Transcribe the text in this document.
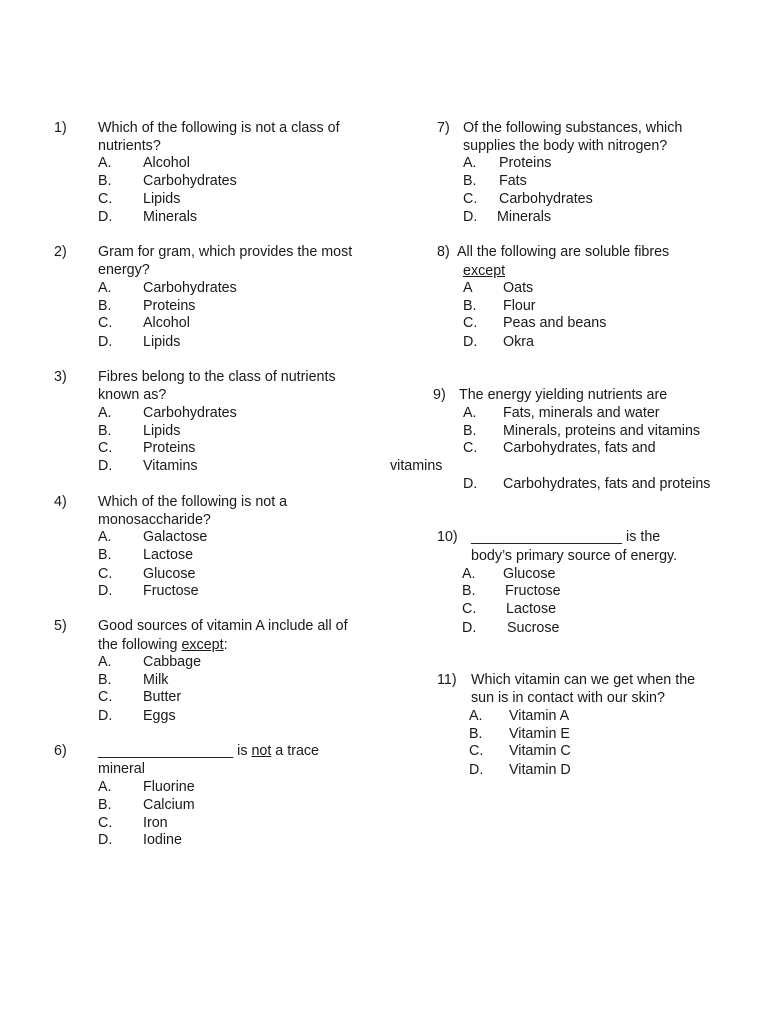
1) Which of the following is not a class of
nutrients?
A. Alcohol
B. Carbohydrates
C. Lipids
D. Minerals
2) Gram for gram, which provides the most
energy?
A. Carbohydrates
B. Proteins
C. Alcohol
D. Lipids
3) Fibres belong to the class of nutrients
known as?
A. Carbohydrates
B. Lipids
C. Proteins
D. Vitamins
4) Which of the following is not a
monosaccharide?
A. Galactose
B. Lactose
C. Glucose
D. Fructose
5) Good sources of vitamin A include all of
the following except:
A. Cabbage
B. Milk
C. Butter
D. Eggs
6) _________________ is not a trace
mineral
A. Fluorine
B. Calcium
C. Iron
D. Iodine
7) Of the following substances, which
supplies the body with nitrogen?
A. Proteins
B. Fats
C. Carbohydrates
D. Minerals
8) All the following are soluble fibres
except
A Oats
B. Flour
C. Peas and beans
D. Okra
9) The energy yielding nutrients are
A. Fats, minerals and water
B. Minerals, proteins and vitamins
C. Carbohydrates, fats and
vitamins
D. Carbohydrates, fats and proteins
10) ___________________ is the
body’s primary source of energy.
A. Glucose
B. Fructose
C. Lactose
D. Sucrose
11) Which vitamin can we get when the
sun is in contact with our skin?
A. Vitamin A
B. Vitamin E
C. Vitamin C
D. Vitamin D
